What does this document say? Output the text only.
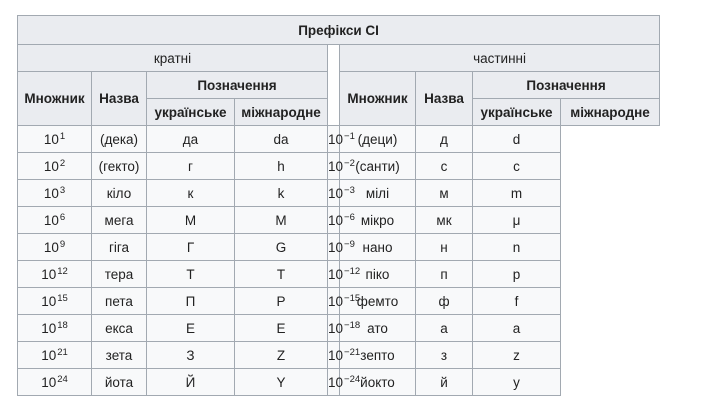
Префікси СІ								
кратні					частинні			
Множник	Назва	Позначення			Множник	Назва	Позначення	
		українське	міжнародне				українське	міжнародне
$10^1$	(дека)	да	da	$10^{-1}$	(деци)	д	d	
$10^2$	(гекто)	г	h	$10^{-2}$	(санти)	с	c	
$10^3$	кіло	к	k	$10^{-3}$	мілі	м	m	
$10^6$	мега	М	M	$10^{-6}$	мікро	мк	μ	
$10^9$	гіга	Г	G	$10^{-9}$	нано	н	n	
$10^{12}$	тера	Т	T	$10^{-12}$	піко	п	p	
$10^{15}$	пета	П	P	$10^{-15}$	фемто	ф	f	
$10^{18}$	екса	Е	E	$10^{-18}$	ато	а	a	
$10^{21}$	зета	З	Z	$10^{-21}$	зепто	з	z	
$10^{24}$	йота	Й	Y	$10^{-24}$	йокто	й	y	
